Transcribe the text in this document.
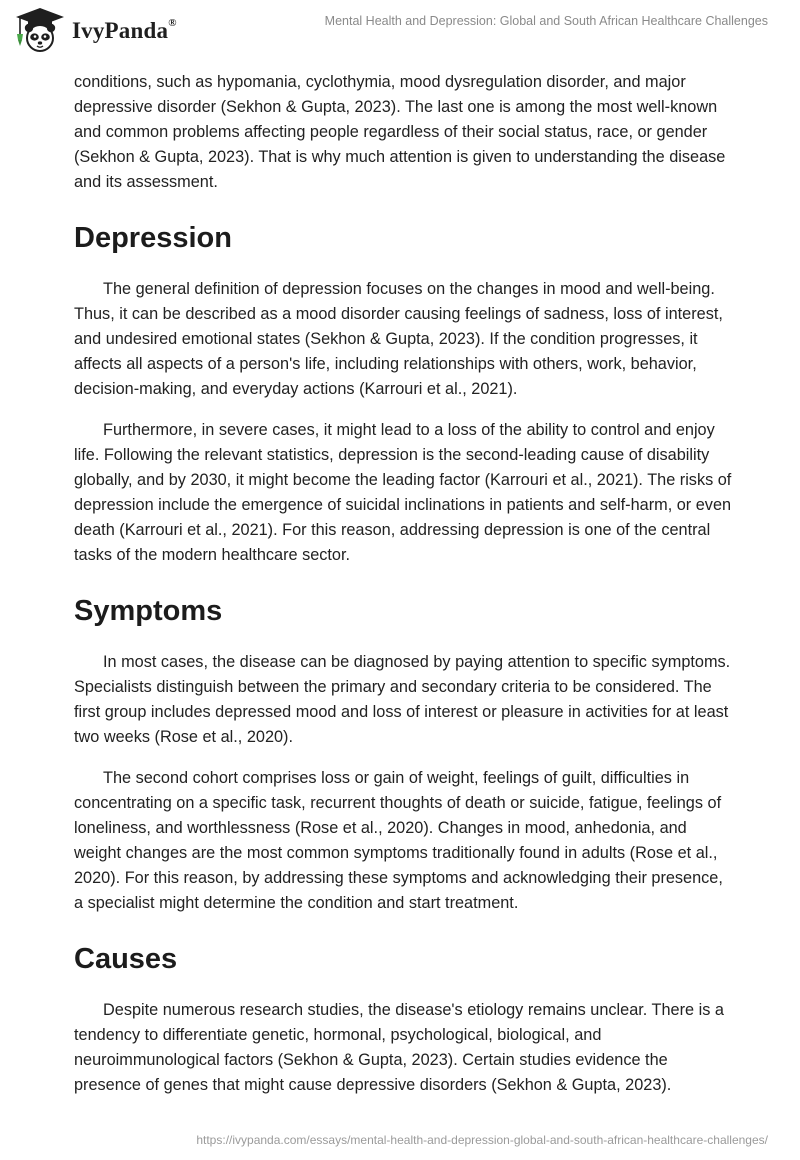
IvyPanda®	Mental Health and Depression: Global and South African Healthcare Challenges

conditions, such as hypomania, cyclothymia, mood dysregulation disorder, and major depressive disorder (Sekhon & Gupta, 2023). The last one is among the most well-known and common problems affecting people regardless of their social status, race, or gender (Sekhon & Gupta, 2023). That is why much attention is given to understanding the disease and its assessment.

Depression

The general definition of depression focuses on the changes in mood and well-being. Thus, it can be described as a mood disorder causing feelings of sadness, loss of interest, and undesired emotional states (Sekhon & Gupta, 2023). If the condition progresses, it affects all aspects of a person's life, including relationships with others, work, behavior, decision-making, and everyday actions (Karrouri et al., 2021).

Furthermore, in severe cases, it might lead to a loss of the ability to control and enjoy life. Following the relevant statistics, depression is the second-leading cause of disability globally, and by 2030, it might become the leading factor (Karrouri et al., 2021). The risks of depression include the emergence of suicidal inclinations in patients and self-harm, or even death (Karrouri et al., 2021). For this reason, addressing depression is one of the central tasks of the modern healthcare sector.

Symptoms

In most cases, the disease can be diagnosed by paying attention to specific symptoms. Specialists distinguish between the primary and secondary criteria to be considered. The first group includes depressed mood and loss of interest or pleasure in activities for at least two weeks (Rose et al., 2020).

The second cohort comprises loss or gain of weight, feelings of guilt, difficulties in concentrating on a specific task, recurrent thoughts of death or suicide, fatigue, feelings of loneliness, and worthlessness (Rose et al., 2020). Changes in mood, anhedonia, and weight changes are the most common symptoms traditionally found in adults (Rose et al., 2020). For this reason, by addressing these symptoms and acknowledging their presence, a specialist might determine the condition and start treatment.

Causes

Despite numerous research studies, the disease's etiology remains unclear. There is a tendency to differentiate genetic, hormonal, psychological, biological, and neuroimmunological factors (Sekhon & Gupta, 2023). Certain studies evidence the presence of genes that might cause depressive disorders (Sekhon & Gupta, 2023).

https://ivypanda.com/essays/mental-health-and-depression-global-and-south-african-healthcare-challenges/
